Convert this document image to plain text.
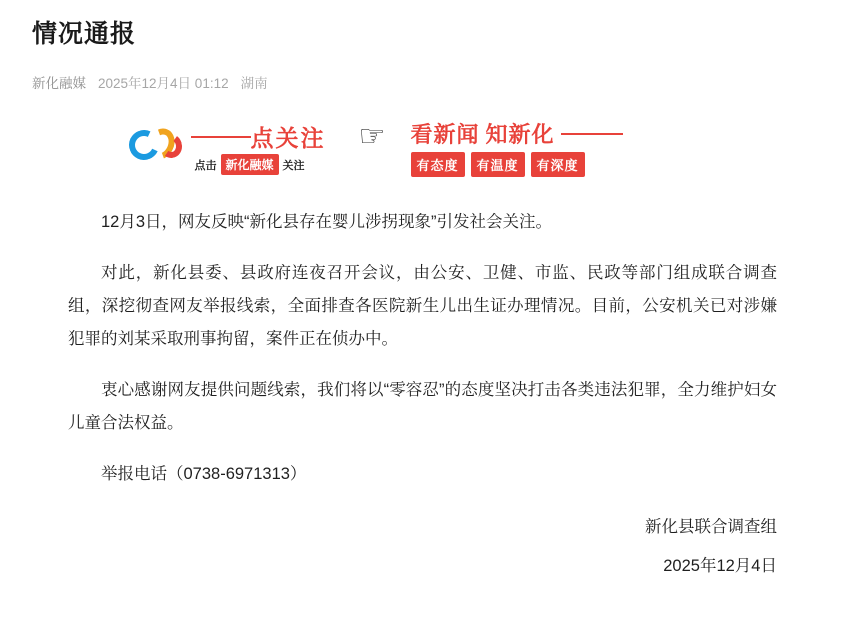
情况通报
新化融媒 2025年12月4日 01:12 湖南
点关注
点击 新化融媒 关注
☞ 看新闻 知新化
有态度	有温度	有深度

12月3日，网友反映“新化县存在婴儿涉拐现象”引发社会关注。

对此，新化县委、县政府连夜召开会议，由公安、卫健、市监、民政等部门组成联合调查组，深挖彻查网友举报线索，全面排查各医院新生儿出生证办理情况。目前，公安机关已对涉嫌犯罪的刘某采取刑事拘留，案件正在侦办中。

衷心感谢网友提供问题线索，我们将以“零容忍”的态度坚决打击各类违法犯罪，全力维护妇女儿童合法权益。

举报电话（0738-6971313）

新化县联合调查组
2025年12月4日
